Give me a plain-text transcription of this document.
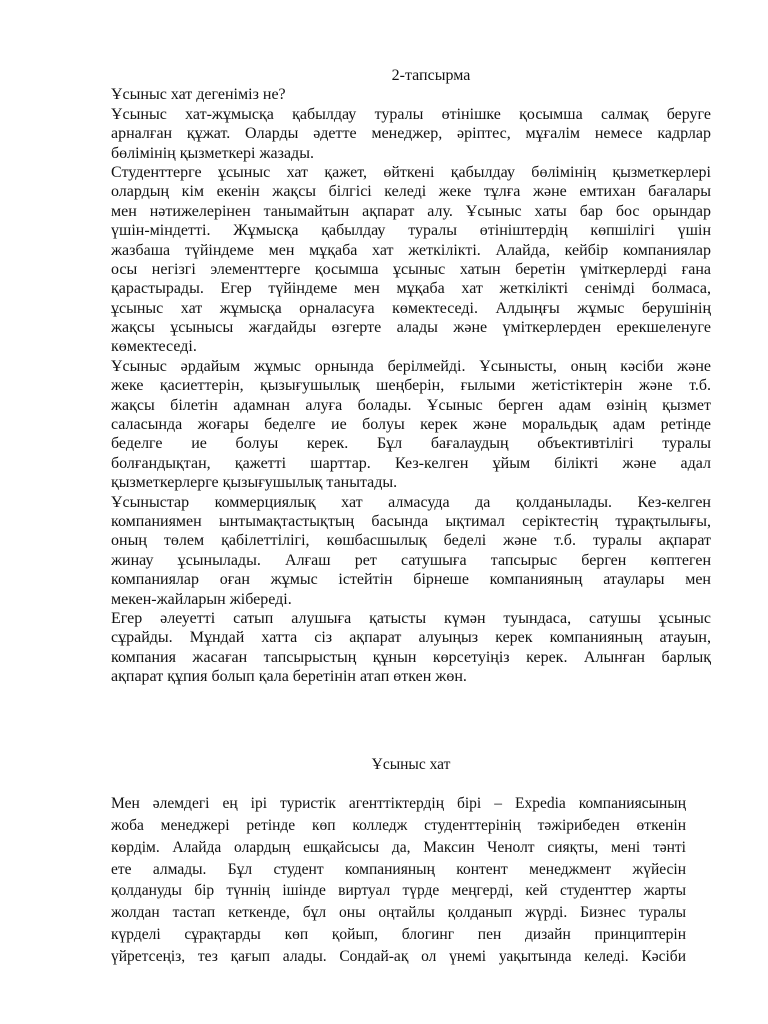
2-тапсырма
Ұсыныс хат дегеніміз не?
Ұсыныс хат-жұмысқа қабылдау туралы өтінішке қосымша салмақ беруге
арналған құжат. Оларды әдетте менеджер, әріптес, мұғалім немесе кадрлар
бөлімінің қызметкері жазады.
Студенттерге ұсыныс хат қажет, өйткені қабылдау бөлімінің қызметкерлері
олардың кім екенін жақсы білгісі келеді жеке тұлға және емтихан бағалары
мен нәтижелерінен танымайтын ақпарат алу. Ұсыныс хаты бар бос орындар
үшін-міндетті. Жұмысқа қабылдау туралы өтініштердің көпшілігі үшін
жазбаша түйіндеме мен мұқаба хат жеткілікті. Алайда, кейбір компаниялар
осы негізгі элементтерге қосымша ұсыныс хатын беретін үміткерлерді ғана
қарастырады. Егер түйіндеме мен мұқаба хат жеткілікті сенімді болмаса,
ұсыныс хат жұмысқа орналасуға көмектеседі. Алдыңғы жұмыс берушінің
жақсы ұсынысы жағдайды өзгерте алады және үміткерлерден ерекшеленуге
көмектеседі.
Ұсыныс әрдайым жұмыс орнында берілмейді. Ұсынысты, оның кәсіби және
жеке қасиеттерін, қызығушылық шеңберін, ғылыми жетістіктерін және т.б.
жақсы білетін адамнан алуға болады. Ұсыныс берген адам өзінің қызмет
саласында жоғары беделге ие болуы керек және моральдық адам ретінде
беделге ие болуы керек. Бұл бағалаудың объективтілігі туралы
болғандықтан, қажетті шарттар. Кез-келген ұйым білікті және адал
қызметкерлерге қызығушылық танытады.
Ұсыныстар коммерциялық хат алмасуда да қолданылады. Кез-келген
компаниямен ынтымақтастықтың басында ықтимал серіктестің тұрақтылығы,
оның төлем қабілеттілігі, көшбасшылық беделі және т.б. туралы ақпарат
жинау ұсынылады. Алғаш рет сатушыға тапсырыс берген көптеген
компаниялар оған жұмыс істейтін бірнеше компанияның атаулары мен
мекен-жайларын жібереді.
Егер әлеуетті сатып алушыға қатысты күмән туындаса, сатушы ұсыныс
сұрайды. Мұндай хатта сіз ақпарат алуыңыз керек компанияның атауын,
компания жасаған тапсырыстың құнын көрсетуіңіз керек. Алынған барлық
ақпарат құпия болып қала беретінін атап өткен жөн.
Ұсыныс хат
Мен әлемдегі ең ірі туристік агенттіктердің бірі – Expedia компаниясының
жоба менеджері ретінде көп колледж студенттерінің тәжірибеден өткенін
көрдім. Алайда олардың ешқайсысы да, Максин Ченолт сияқты, мені тәнті
ете алмады. Бұл студент компанияның контент менеджмент жүйесін
қолдануды бір түннің ішінде виртуал түрде меңгерді, кей студенттер жарты
жолдан тастап кеткенде, бұл оны оңтайлы қолданып жүрді. Бизнес туралы
күрделі сұрақтарды көп қойып, блогинг пен дизайн принциптерін
үйретсеңіз, тез қағып алады. Сондай-ақ ол үнемі уақытында келеді. Кәсіби
